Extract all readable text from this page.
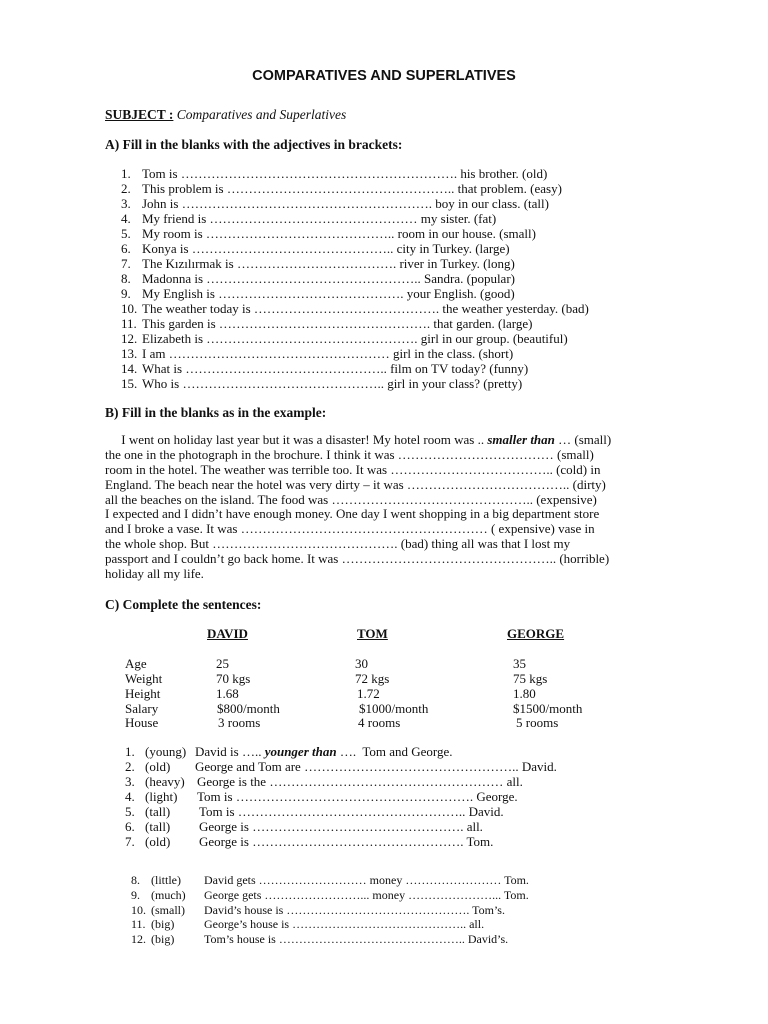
COMPARATIVES AND SUPERLATIVES
SUBJECT : Comparatives and Superlatives
A) Fill in the blanks with the adjectives in brackets:
1. Tom is ………………………………………………………. his brother. (old)
2. This problem is …………………………………………….. that problem. (easy)
3. John is …………………………………………………. boy in our class. (tall)
4. My friend is ………………………………………… my sister. (fat)
5. My room is …………………………………….. room in our house. (small)
6. Konya is ……………………………………….. city in Turkey. (large)
7. The Kızılırmak is ………………………………. river in Turkey. (long)
8. Madonna is ………………………………………….. Sandra. (popular)
9. My English is ……………………………………. your English. (good)
10. The weather today is ……………………………………. the weather yesterday. (bad)
11. This garden is …………………………………………. that garden. (large)
12. Elizabeth is …………………………………………. girl in our group. (beautiful)
13. I am …………………………………………… girl in the class. (short)
14. What is ……………………………………….. film on TV today? (funny)
15. Who is ……………………………………….. girl in your class? (pretty)
B) Fill in the blanks as in the example:
I went on holiday last year but it was a disaster! My hotel room was .. smaller than … (small)
the one in the photograph in the brochure. I think it was ……………………………… (small)
room in the hotel. The weather was terrible too. It was ……………………………….. (cold) in
England. The beach near the hotel was very dirty – it was ……………………………….. (dirty)
all the beaches on the island. The food was ……………………………………….. (expensive)
I expected and I didn’t have enough money. One day I went shopping in a big department store
and I broke a vase. It was ………………………………………………… ( expensive) vase in
the whole shop. But ……………………………………. (bad) thing all was that I lost my
passport and I couldn’t go back home. It was ………………………………………….. (horrible)
holiday all my life.
C) Complete the sentences:
DAVID	TOM	GEORGE
Age	25	30	35
Weight	70 kgs	72 kgs	75 kgs
Height	1.68	1.72	1.80
Salary	$800/month	$1000/month	$1500/month
House	3 rooms	4 rooms	5 rooms
1. (young) David is ….. younger than ….  Tom and George.
2. (old) George and Tom are ………………………………………….. David.
3. (heavy) George is the ……………………………………………… all.
4. (light) Tom is ………………………………………………. George.
5. (tall) Tom is …………………………………………….. David.
6. (tall) George is …………………………………………. all.
7. (old) George is …………………………………………. Tom.
8. (little) David gets ……………………… money …………………… Tom.
9. (much) George gets ……………………... money …………………... Tom.
10. (small) David’s house is ………………………………………. Tom’s.
11. (big) George’s house is …………………………………….. all.
12. (big) Tom’s house is ……………………………………….. David’s.
